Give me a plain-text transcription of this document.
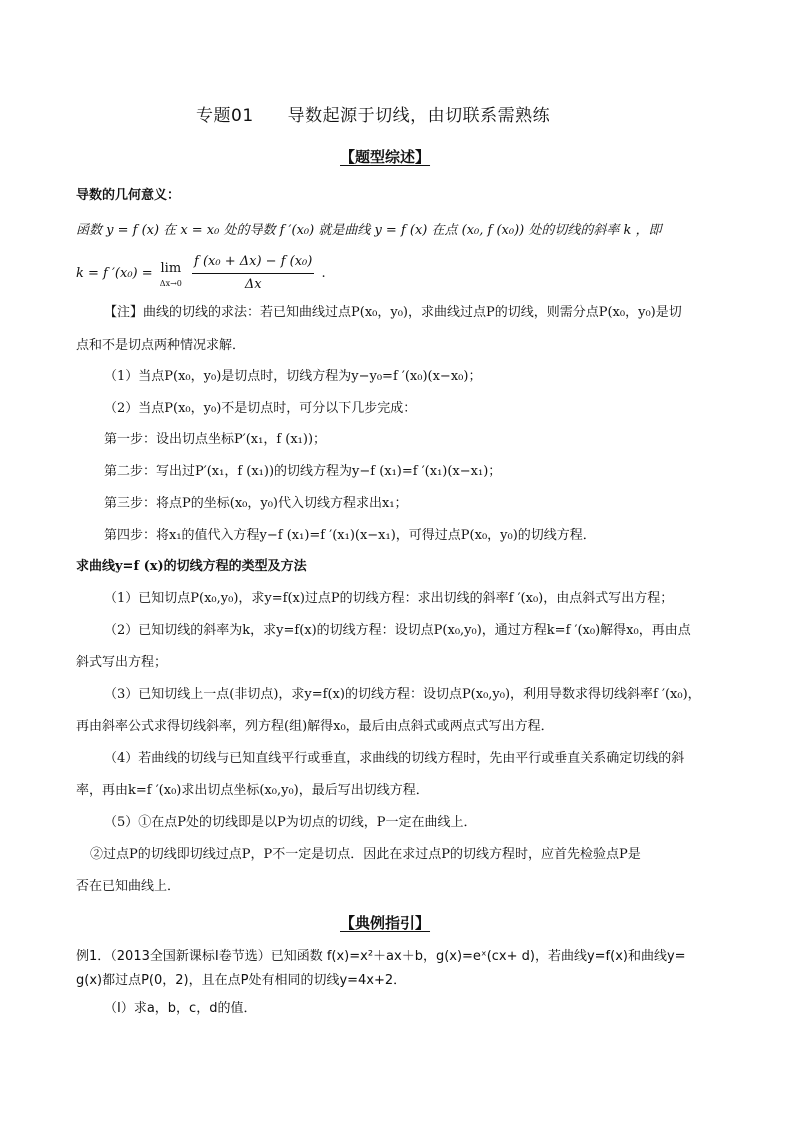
专题01 导数起源于切线，由切联系需熟练
【题型综述】
导数的几何意义：
函数 y = f (x) 在 x = x₀ 处的导数 f ′(x₀) 就是曲线 y = f (x) 在点 (x₀, f (x₀)) 处的切线的斜率 k ，即
k = f ′(x₀) = lim
Δx→0
$\frac{\text{f (x₀ + Δx) − f (x₀)}}{\Delta x}$ .
【注】曲线的切线的求法：若已知曲线过点P(x₀，y₀)，求曲线过点P的切线，则需分点P(x₀，y₀)是切
点和不是切点两种情况求解．
（1）当点P(x₀，y₀)是切点时，切线方程为y−y₀=f ′(x₀)(x−x₀)；
（2）当点P(x₀，y₀)不是切点时，可分以下几步完成：
第一步：设出切点坐标P′(x₁，f (x₁))；
第二步：写出过P′(x₁，f (x₁))的切线方程为y−f (x₁)=f ′(x₁)(x−x₁)；
第三步：将点P的坐标(x₀，y₀)代入切线方程求出x₁；
第四步：将x₁的值代入方程y−f (x₁)=f ′(x₁)(x−x₁)，可得过点P(x₀，y₀)的切线方程．
求曲线y=f (x)的切线方程的类型及方法
（1）已知切点P(x₀,y₀)，求y=f(x)过点P的切线方程：求出切线的斜率f ′(x₀)，由点斜式写出方程；
（2）已知切线的斜率为k，求y=f(x)的切线方程：设切点P(x₀,y₀)，通过方程k=f ′(x₀)解得x₀，再由点
斜式写出方程；
（3）已知切线上一点(非切点)，求y=f(x)的切线方程：设切点P(x₀,y₀)，利用导数求得切线斜率f ′(x₀)，
再由斜率公式求得切线斜率，列方程(组)解得x₀，最后由点斜式或两点式写出方程．
（4）若曲线的切线与已知直线平行或垂直，求曲线的切线方程时，先由平行或垂直关系确定切线的斜
率，再由k=f ′(x₀)求出切点坐标(x₀,y₀)，最后写出切线方程．
（5）①在点P处的切线即是以P为切点的切线，P一定在曲线上．
②过点P的切线即切线过点P，P不一定是切点．因此在求过点P的切线方程时，应首先检验点P是
否在已知曲线上．
【典例指引】
例1．（2013全国新课标Ⅰ卷节选）已知函数 f(x)=x²＋ax＋b，g(x)=eˣ(cx+ d)，若曲线y=f(x)和曲线y=
g(x)都过点P(0，2)，且在点P处有相同的切线y=4x+2．
（Ⅰ）求a，b，c，d的值．
